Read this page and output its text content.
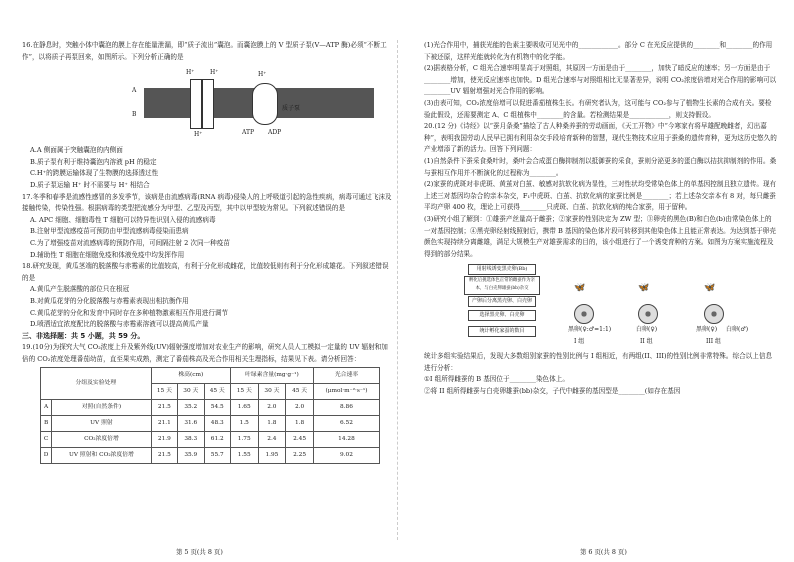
16.在静息时，突触小体中囊泡的膜上存在能量泄漏，即“质子流出”囊泡。而囊泡膜上的 V 型质子泵(V—ATP 酶)必须“不断工作”，以将质子再泵回来，如图所示。下列分析正确的是

A
B
H⁺	H⁺
质子泵
ATP ADP
H⁺
H⁺

A.A 侧面属于突触囊泡的内侧面

B.质子泵有利于维持囊泡内溶液 pH 的稳定

C.H⁺的跨膜运输体现了生物膜的选择透过性

D.质子泵运输 H⁺ 时不需要与 H⁺ 相结合

17.冬季和春季是流感性感冒的多发季节，该病是由流感病毒(RNA 病毒)侵染人的上呼吸道引起的急性疾病，病毒可通过飞沫及接触传染，传染性强。根据病毒的类型把流感分为甲型、乙型及丙型，其中以甲型较为常见。下列叙述错误的是

A. APC 细胞、细胞毒性 T 细胞可以特异性识别入侵的流感病毒

B.注射甲型流感疫苗可预防由甲型流感病毒侵染而患病

C.为了增强疫苗对流感病毒的预防作用，可间隔注射 2 次同一种疫苗

D.辅助性 T 细胞在细胞免疫和体液免疫中均发挥作用

18.研究发现，黄瓜茎端的脱落酸与赤霉素的比值较高，有利于分化形成雌花，比值较低则有利于分化形成雄花。下列叙述错误的是

A.黄瓜产生脱落酸的部位只在根冠

B.对黄瓜花芽的分化脱落酸与赤霉素表现出相抗衡作用

C.黄瓜花芽的分化和发育中同时存在多种植物激素相互作用进行调节

D.喷洒适宜浓度配比的脱落酸与赤霉素溶液可以提高黄瓜产量

三、非选择题：共 5 小题，共 59 分。

19.(10分)为探究大气 CO₂浓度上升及紫外线(UV)辐射强度增加对农业生产的影响，研究人员人工模拟一定量的 UV 辐射和加倍的 CO₂浓度处理番茄幼苗，直至果实成熟，测定了番茄株高及光合作用相关生理指标，结果见下表。请分析回答：

分组及实验处理		株高(cm)			叶绿素含量(mg·g⁻¹)			光合速率
		15 天	30 天	45 天	15 天	30 天	45 天	(μmol·m⁻²·s⁻¹)
A	对照(自然条件)	21.5	35.2	54.5	1.65	2.0	2.0	8.86
B	UV 照射	21.1	31.6	48.3	1.5	1.8	1.8	6.52
C	CO₂浓度倍增	21.9	38.3	61.2	1.75	2.4	2.45	14.28
D	UV 照射和 CO₂浓度倍增	21.5	35.9	55.7	1.55	1.95	2.25	9.02
第 5 页(共 8 页)

(1)光合作用中，捕获光能的色素主要吸收可见光中的____________。部分 C 在光反应提供的________和________的作用下被还原，这样光能就转化为有机物中的化学能。

(2)据表格分析，C 组光合速率明显高于对照组，其原因一方面是由于________，加快了暗反应的速率；另一方面是由于________增加，使光反应速率也加快。D 组光合速率与对照组相比无显著差异，说明 CO₂浓度倍增对光合作用的影响可以________UV 辐射增强对光合作用的影响。

(3)由表可知，CO₂浓度倍增可以促进番茄植株生长。有研究者认为，这可能与 CO₂参与了植物生长素的合成有关。要检验此假设，还需要测定 A、C 组植株中________的含量。若检测结果是____________，则支持假设。

20.(12 分)《诗经》以“蚕月条桑”描绘了古人种桑养蚕的劳动画面，《天工开物》中“今寒家有将早雄配晚雌者，幻出嘉种”，表明我国劳动人民早已拥有利用杂交手段培育新种的智慧，现代生物技术应用于蚕桑的遗传育种，更为这历史悠久的产业增添了新的活力。回答下列问题：

(1)自然条件下蚕采食桑叶时，桑叶会合成蛋白酶抑制剂以抵御蚕的采食，蚕则分泌更多的蛋白酶以拮抗抑制剂的作用。桑与蚕相互作用并不断演化的过程称为________。

(2)家蚕的虎斑对非虎斑、黄茧对白茧、敏感对抗软化病为显性，三对性状均受常染色体上的单基因控制且独立遗传。现有上述三对基因均杂合的亲本杂交，F₁中虎斑、白茧、抗软化病的家蚕比例是________；若上述杂交亲本有 8 对，每只雌蚕平均产卵 400 枚，理论上可获得________只虎斑、白茧、抗软化病的纯合家蚕，用于留种。

(3)研究小组了解到：①雄蚕产丝量高于雌蚕；②家蚕的性别决定为 ZW 型；③卵壳的黑色(B)和白色(b)由常染色体上的一对基因控制；④黑壳卵经射线照射后，携带 B 基因的染色体片段可转移到其他染色体上且能正常表达。为达到基于卵壳颜色实现持续分离雌雄，满足大规模生产对雄蚕需求的目的，该小组进行了一个诱变育种的方案。如图为方案实施流程及得到的部分结果。

用射线诱变黑壳卵(Bb)
孵化后挑选体色正常的雌蚕作为亲本，与白壳卵雄蚕(bb)杂交
产卵后分离黑壳卵、白壳卵
选择黑壳卵、白壳卵
统计孵化家蚕的数目
🦋	🦋	🦋
黑卵(♀:♂=1:1)	白卵(♀)	黑卵(♀) 白卵(♂)
I 组	II 组	III 组

统计多组实验结果后，发现大多数组别家蚕的性别比例与 I 组相近，有两组(II、III)的性别比例非常特殊。综合以上信息进行分析：

①I 组所得雌蚕的 B 基因位于________染色体上。

②将 II 组所得雌蚕与白壳卵雄蚕(bb)杂交，子代中雌蚕的基因型是________(如存在基因

第 6 页(共 8 页)
